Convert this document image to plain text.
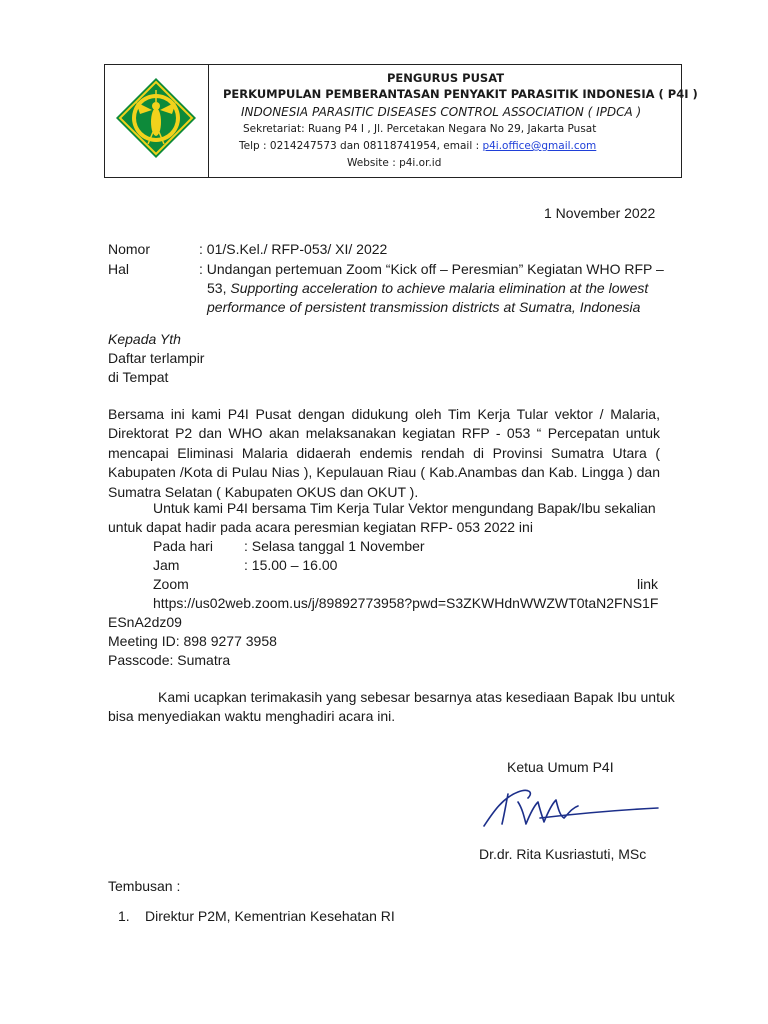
PENGURUS PUSAT
PERKUMPULAN PEMBERANTASAN PENYAKIT PARASITIK INDONESIA ( P4I )
INDONESIA PARASITIC DISEASES CONTROL ASSOCIATION ( IPDCA )
Sekretariat: Ruang P4 I , Jl. Percetakan Negara No 29, Jakarta Pusat
Telp : 0214247573 dan 08118741954, email : p4i.office@gmail.com
Website : p4i.or.id
1 November 2022
Nomor	: 01/S.Kel./ RFP-053/ XI/ 2022
Hal	: Undangan pertemuan Zoom “Kick off – Peresmian” Kegiatan WHO RFP –
53, Supporting acceleration to achieve malaria elimination at the lowest
performance of persistent transmission districts at Sumatra, Indonesia
Kepada Yth
Daftar terlampir
di Tempat
Bersama ini kami P4I Pusat dengan didukung oleh Tim Kerja Tular vektor / Malaria, Direktorat P2 dan WHO akan melaksanakan kegiatan RFP - 053 “ Percepatan untuk mencapai Eliminasi Malaria didaerah endemis rendah di Provinsi Sumatra Utara ( Kabupaten /Kota di Pulau Nias ), Kepulauan Riau ( Kab.Anambas dan Kab. Lingga ) dan Sumatra Selatan ( Kabupaten OKUS dan OKUT ).
Untuk kami P4I bersama Tim Kerja Tular Vektor mengundang Bapak/Ibu sekalian
untuk dapat hadir pada acara peresmian kegiatan RFP- 053 2022 ini
Pada hari : Selasa tanggal 1 November
Jam	: 15.00 – 16.00
Zoom	link
https://us02web.zoom.us/j/89892773958?pwd=S3ZKWHdnWWZWT0taN2FNS1F
ESnA2dz09
Meeting ID: 898 9277 3958
Passcode: Sumatra
Kami ucapkan terimakasih yang sebesar besarnya atas kesediaan Bapak Ibu untuk
bisa menyediakan waktu menghadiri acara ini.
Ketua Umum P4I
Dr.dr. Rita Kusriastuti, MSc
Tembusan :
1. Direktur P2M, Kementrian Kesehatan RI
